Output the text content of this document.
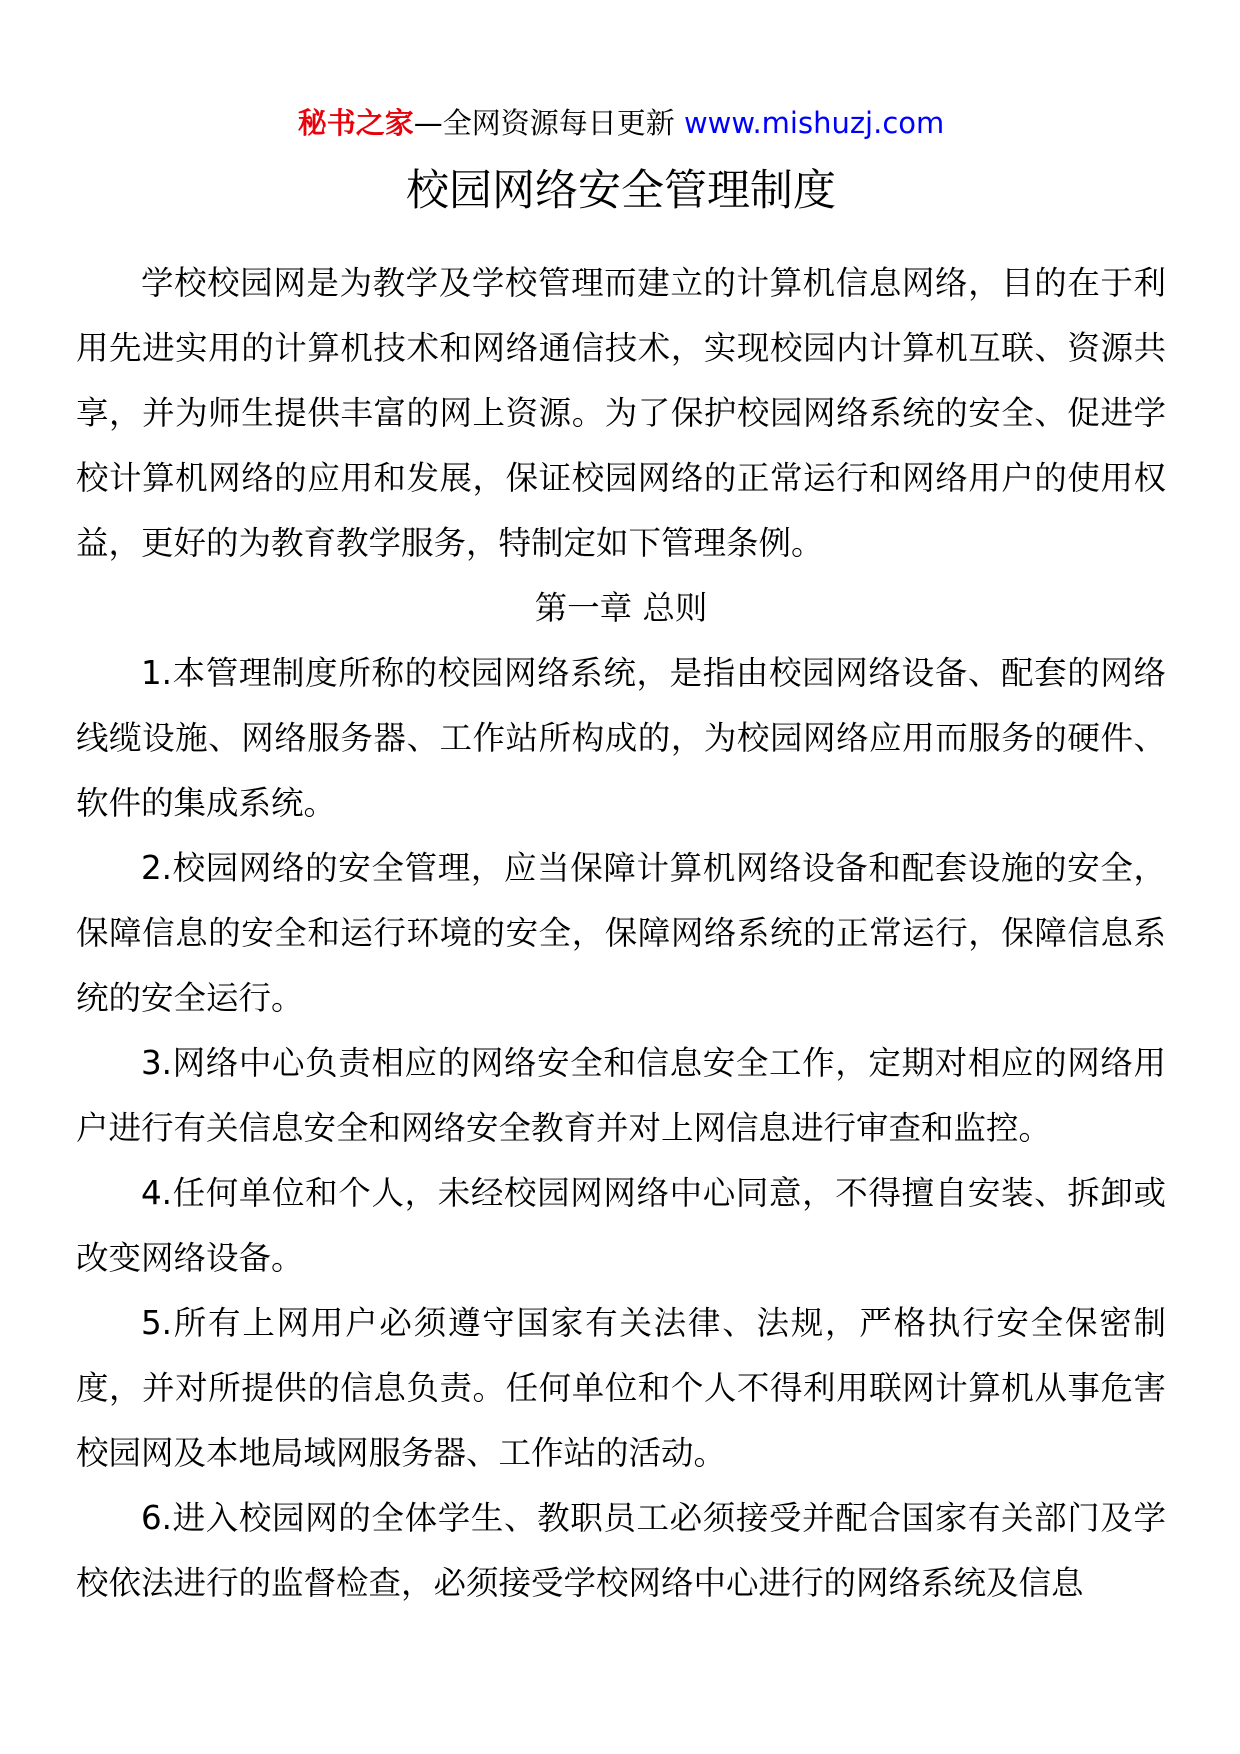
秘书之家—全网资源每日更新 www.mishuzj.com
校园网络安全管理制度

学校校园网是为教学及学校管理而建立的计算机信息网络，目的在于利用先进实用的计算机技术和网络通信技术，实现校园内计算机互联、资源共享，并为师生提供丰富的网上资源。为了保护校园网络系统的安全、促进学校计算机网络的应用和发展，保证校园网络的正常运行和网络用户的使用权益，更好的为教育教学服务，特制定如下管理条例。

第一章 总则

1.本管理制度所称的校园网络系统，是指由校园网络设备、配套的网络线缆设施、网络服务器、工作站所构成的，为校园网络应用而服务的硬件、软件的集成系统。

2.校园网络的安全管理，应当保障计算机网络设备和配套设施的安全，保障信息的安全和运行环境的安全，保障网络系统的正常运行，保障信息系统的安全运行。

3.网络中心负责相应的网络安全和信息安全工作，定期对相应的网络用户进行有关信息安全和网络安全教育并对上网信息进行审查和监控。

4.任何单位和个人，未经校园网网络中心同意，不得擅自安装、拆卸或改变网络设备。

5.所有上网用户必须遵守国家有关法律、法规，严格执行安全保密制度，并对所提供的信息负责。任何单位和个人不得利用联网计算机从事危害校园网及本地局域网服务器、工作站的活动。

6.进入校园网的全体学生、教职员工必须接受并配合国家有关部门及学校依法进行的监督检查，必须接受学校网络中心进行的网络系统及信息
